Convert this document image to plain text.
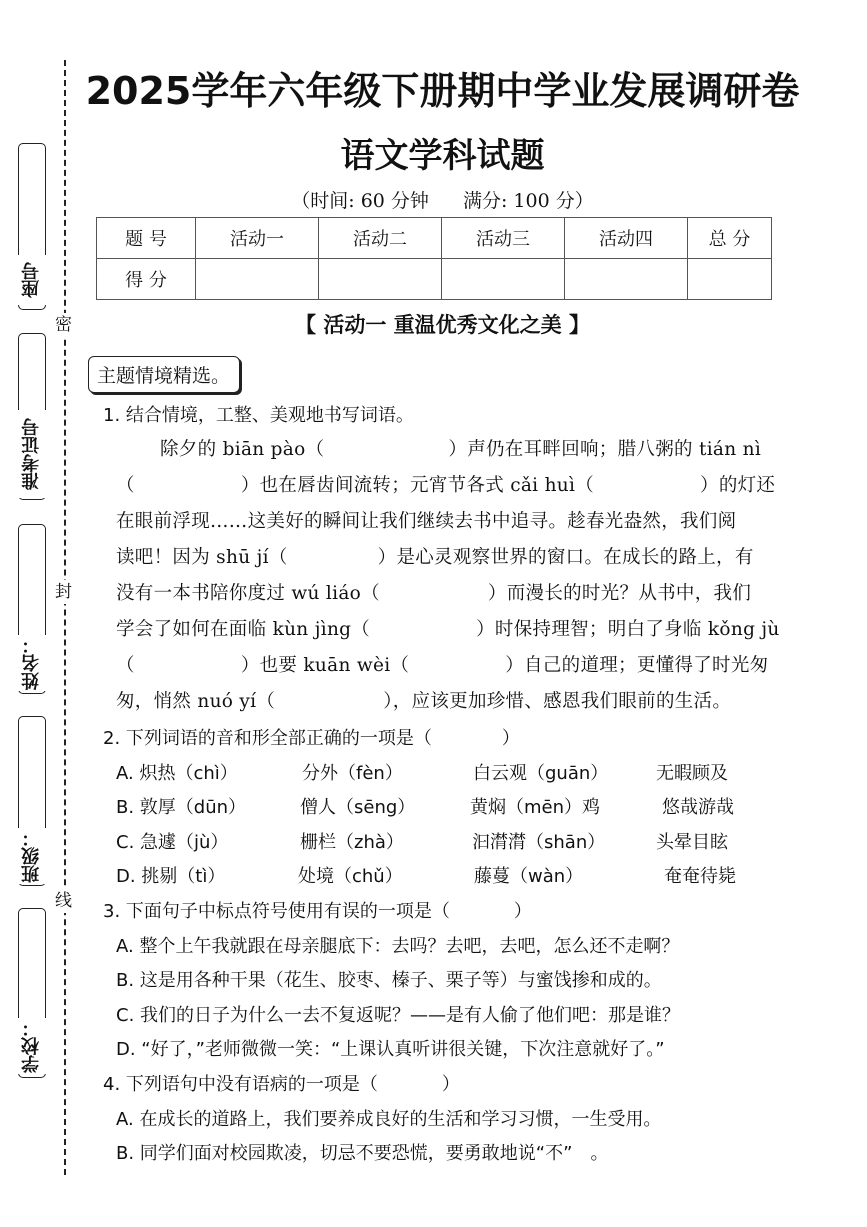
座号
准考证号
姓名：
班级：
学校：
密
封
线
2025学年六年级下册期中学业发展调研卷
语文学科试题
（时间: 60 分钟 满分: 100 分）
题 号	活动一	活动二	活动三	活动四	总 分
得 分					
【 活动一 重温优秀文化之美 】
主题情境精选。
1. 结合情境，工整、美观地书写词语。
除夕的 biān pào（	）声仍在耳畔回响；腊八粥的 tián nì
（	）也在唇齿间流转；元宵节各式 cǎi huì（	）的灯还
在眼前浮现……这美好的瞬间让我们继续去书中追寻。趁春光盎然，我们阅
读吧！因为 shū jí（	）是心灵观察世界的窗口。在成长的路上，有
没有一本书陪你度过 wú liáo（	）而漫长的时光？从书中，我们
学会了如何在面临 kùn jìng（	）时保持理智；明白了身临 kǒng jù
（	）也要 kuān wèi（	）自己的道理；更懂得了时光匆
匆，悄然 nuó yí（	），应该更加珍惜、感恩我们眼前的生活。
2. 下列词语的音和形全部正确的一项是（	）
A. 炽热（chì）	分外（fèn）	白云观（guān）	无暇顾及
B. 敦厚（dūn）	僧人（sēng）	黄焖（mēn）鸡	悠哉游哉
C. 急遽（jù）	栅栏（zhà）	汩潸潸（shān）	头晕目眩
D. 挑剔（tì）	处境（chǔ）	藤蔓（wàn）	奄奄待毙
3. 下面句子中标点符号使用有误的一项是（	）
A. 整个上午我就跟在母亲腿底下：去吗？去吧，去吧，怎么还不走啊？
B. 这是用各种干果（花生、胶枣、榛子、栗子等）与蜜饯掺和成的。
C. 我们的日子为什么一去不复返呢？——是有人偷了他们吧：那是谁？
D. “好了，”老师微微一笑：“上课认真听讲很关键，下次注意就好了。”
4. 下列语句中没有语病的一项是（	）
A. 在成长的道路上，我们要养成良好的生活和学习习惯，一生受用。
B. 同学们面对校园欺凌，切忌不要恐慌，要勇敢地说“不”　。
